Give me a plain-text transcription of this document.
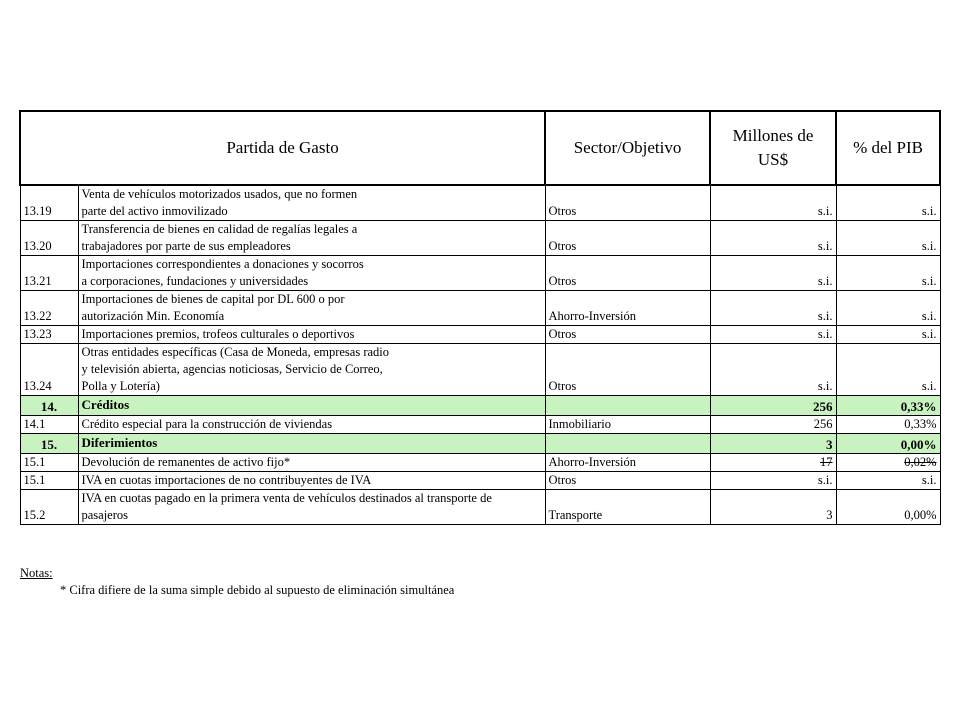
Partida de Gasto		Sector/Objetivo	Millones de
US$	% del PIB
13.19	Venta de vehículos motorizados usados, que no formen
parte del activo inmovilizado	Otros	s.i.	s.i.
13.20	Transferencia de bienes en calidad de regalías legales a
trabajadores por parte de sus empleadores	Otros	s.i.	s.i.
13.21	Importaciones correspondientes a donaciones y socorros
a corporaciones, fundaciones y universidades	Otros	s.i.	s.i.
13.22	Importaciones de bienes de capital por DL 600 o por
autorización Min. Economía	Ahorro-Inversión	s.i.	s.i.
13.23	Importaciones premios, trofeos culturales o deportivos	Otros	s.i.	s.i.
13.24	Otras entidades específicas (Casa de Moneda, empresas radio
y televisión abierta, agencias noticiosas, Servicio de Correo,
Polla y Lotería)	Otros	s.i.	s.i.
14.	Créditos		256	0,33%
14.1	Crédito especial para la construcción de viviendas	Inmobiliario	256	0,33%
15.	Diferimientos		3	0,00%
15.1	Devolución de remanentes de activo fijo*	Ahorro-Inversión	17	0,02%
15.1	IVA en cuotas importaciones de no contribuyentes de IVA	Otros	s.i.	s.i.
15.2	IVA en cuotas pagado en la primera venta de vehículos destinados al transporte de
pasajeros	Transporte	3	0,00%
Notas:
* Cifra difiere de la suma simple debido al supuesto de eliminación simultánea
